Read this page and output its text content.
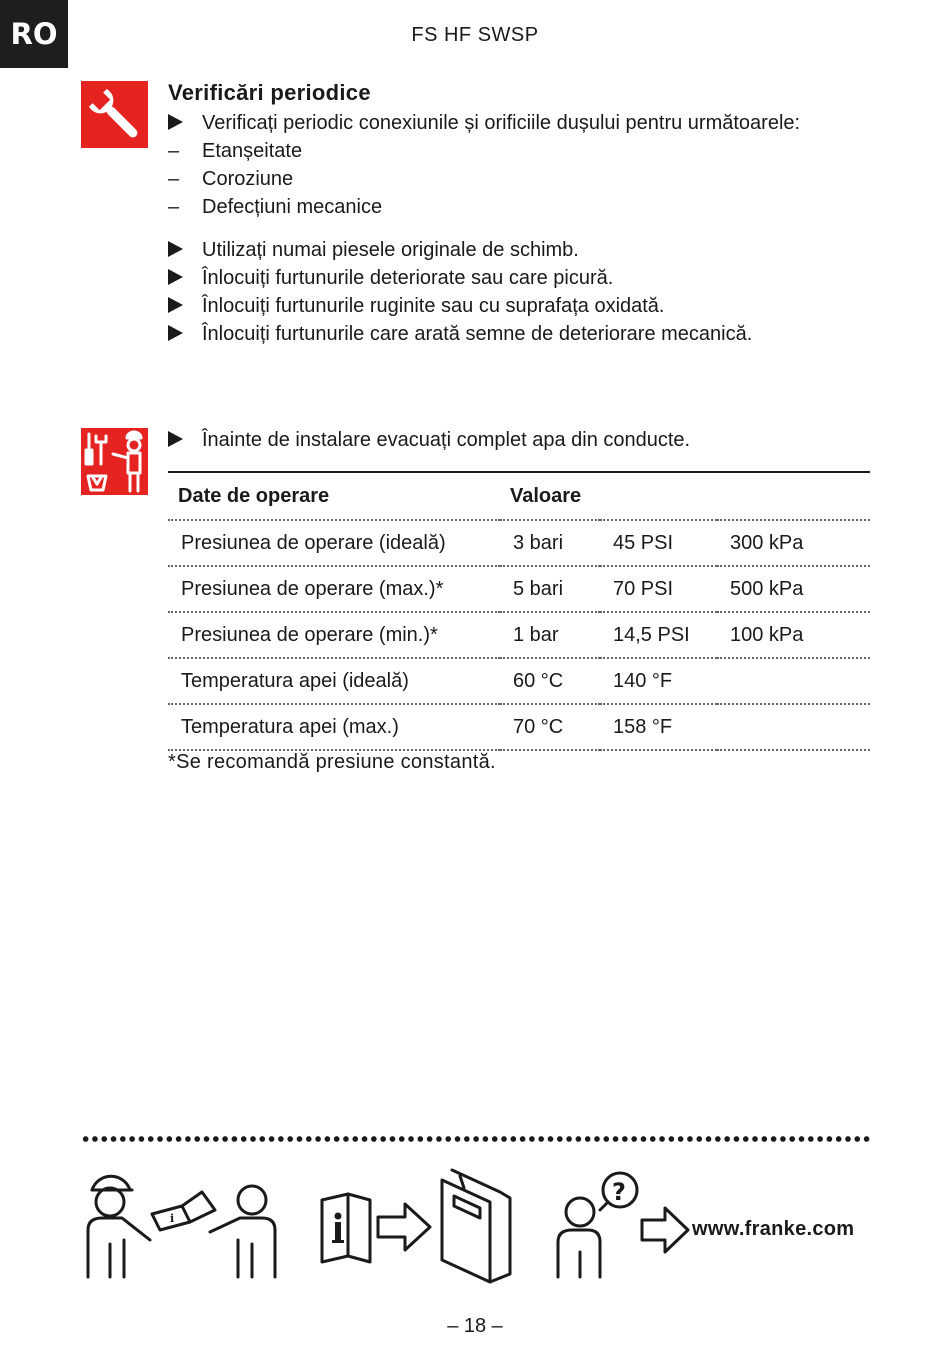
RO	FS HF SWSP
Verificări periodice
Verificați periodic conexiunile și orificiile dușului pentru următoarele:
– Etanșeitate
– Coroziune
– Defecțiuni mecanice
Utilizați numai piesele originale de schimb.
Înlocuiți furtunurile deteriorate sau care picură.
Înlocuiți furtunurile ruginite sau cu suprafața oxidată.
Înlocuiți furtunurile care arată semne de deteriorare mecanică.
Înainte de instalare evacuați complet apa din conducte.
Date de operare	Valoare		
Presiunea de operare (ideală)	3 bari	45 PSI	300 kPa
Presiunea de operare (max.)*	5 bari	70 PSI	500 kPa
Presiunea de operare (min.)*	1 bar	14,5 PSI	100 kPa
Temperatura apei (ideală)	60 °C	140 °F	
Temperatura apei (max.)	70 °C	158 °F	
*Se recomandă presiune constantă.
i
?
www.franke.com
– 18 –
